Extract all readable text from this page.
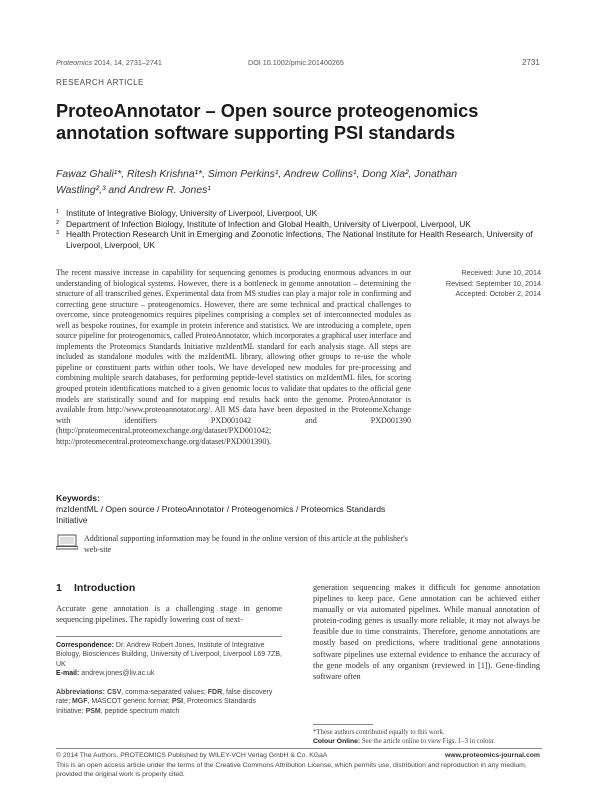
Proteomics 2014, 14, 2731–2741	DOI 10.1002/pmic.201400265	2731
RESEARCH ARTICLE
ProteoAnnotator – Open source proteogenomics annotation software supporting PSI standards
Fawaz Ghali¹*, Ritesh Krishna¹*, Simon Perkins¹, Andrew Collins¹, Dong Xia², Jonathan Wastling²,³ and Andrew R. Jones¹
1 Institute of Integrative Biology, University of Liverpool, Liverpool, UK
2 Department of Infection Biology, Institute of Infection and Global Health, University of Liverpool, Liverpool, UK
3 Health Protection Research Unit in Emerging and Zoonotic Infections, The National Institute for Health Research, University of Liverpool, Liverpool, UK
The recent massive increase in capability for sequencing genomes is producing enormous advances in our understanding of biological systems. However, there is a bottleneck in genome annotation – determining the structure of all transcribed genes. Experimental data from MS studies can play a major role in confirming and correcting gene structure – proteogenomics. However, there are some technical and practical challenges to overcome, since proteogenomics requires pipelines comprising a complex set of interconnected modules as well as bespoke routines, for example in protein inference and statistics. We are introducing a complete, open source pipeline for proteogenomics, called ProteoAnnotator, which incorporates a graphical user interface and implements the Proteomics Standards Initiative mzIdentML standard for each analysis stage. All steps are included as standalone modules with the mzIdentML library, allowing other groups to re-use the whole pipeline or constituent parts within other tools. We have developed new modules for pre-processing and combining multiple search databases, for performing peptide-level statistics on mzIdentML files, for scoring grouped protein identifications matched to a given genomic locus to validate that updates to the official gene models are statistically sound and for mapping end results back onto the genome. ProteoAnnotator is available from http://www.proteoannotator.org/. All MS data have been deposited in the ProteomeXchange with identifiers PXD001042 and PXD001390 (http://proteomecentral.proteomexchange.org/dataset/PXD001042; http://proteomecentral.proteomexchange.org/dataset/PXD001390).
Received: June 10, 2014
Revised: September 10, 2014
Accepted: October 2, 2014
Keywords:
mzIdentML / Open source / ProteoAnnotator / Proteogenomics / Proteomics Standards Initiative
Additional supporting information may be found in the online version of this article at the publisher's web-site
1 Introduction
Accurate gene annotation is a challenging stage in genome sequencing pipelines. The rapidly lowering cost of next-
Correspondence: Dr. Andrew Robert Jones, Institute of Integrative Biology, Biosciences Building, University of Liverpool, Liverpool L69 7ZB, UK
E-mail: andrew.jones@liv.ac.uk
Abbreviations: CSV, comma-separated values; FDR, false discovery rate; MGF, MASCOT generic format; PSI, Proteomics Standards Initiative; PSM, peptide spectrum match
generation sequencing makes it difficult for genome annotation pipelines to keep pace. Gene annotation can be achieved either manually or via automated pipelines. While manual annotation of protein-coding genes is usually more reliable, it may not always be feasible due to time constraints. Therefore, genome annotations are mostly based on predictions, where traditional gene annotations software pipelines use external evidence to enhance the accuracy of the gene models of any organism (reviewed in [1]). Gene-finding software often
*These authors contributed equally to this work.
Colour Online: See the article online to view Figs. 1–3 in colour.
© 2014 The Authors. PROTEOMICS Published by WILEY-VCH Verlag GmbH & Co. KGaA	www.proteomics-journal.com
This is an open access article under the terms of the Creative Commons Attribution License, which permits use, distribution and reproduction in any medium, provided the original work is properly cited.
